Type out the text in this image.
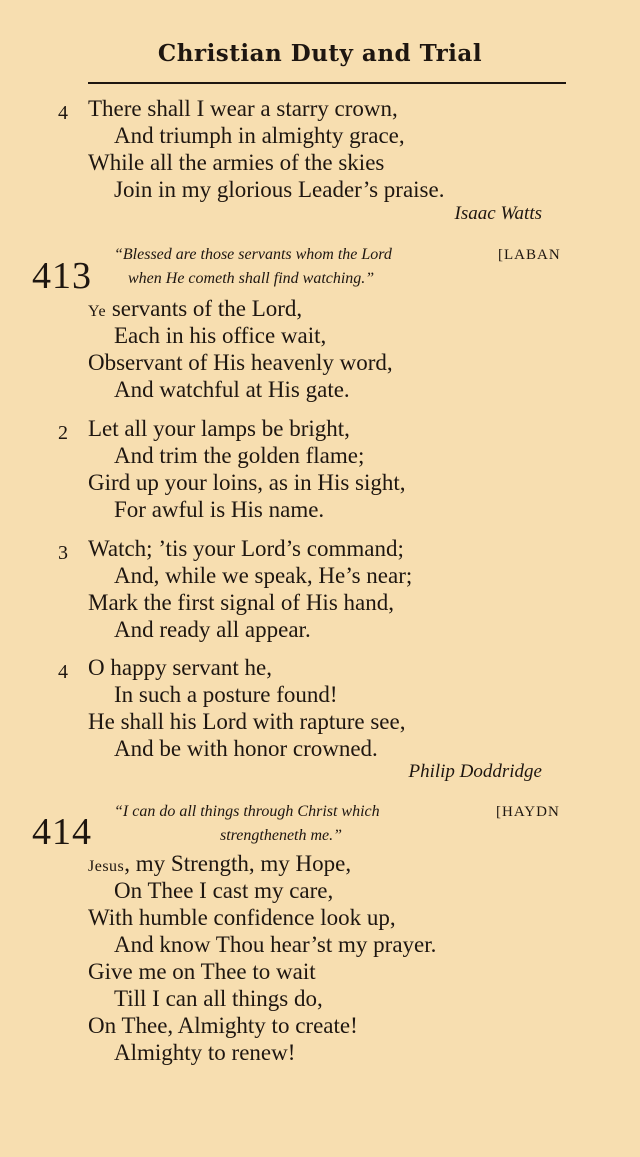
Christian Duty and Trial
4 There shall I wear a starry crown,
And triumph in almighty grace,
While all the armies of the skies
Join in my glorious Leader’s praise.
Isaac Watts
413
“Blessed are those servants whom the Lord
when He cometh shall find watching.”
[LABAN
Ye servants of the Lord,
Each in his office wait,
Observant of His heavenly word,
And watchful at His gate.
2 Let all your lamps be bright,
And trim the golden flame;
Gird up your loins, as in His sight,
For awful is His name.
3 Watch; ’tis your Lord’s command;
And, while we speak, He’s near;
Mark the first signal of His hand,
And ready all appear.
4 O happy servant he,
In such a posture found!
He shall his Lord with rapture see,
And be with honor crowned.
Philip Doddridge
414 “I can do all things through Christ which
strengtheneth me.”
[HAYDN
Jesus, my Strength, my Hope,
On Thee I cast my care,
With humble confidence look up,
And know Thou hear’st my prayer.
Give me on Thee to wait
Till I can all things do,
On Thee, Almighty to create!
Almighty to renew!
